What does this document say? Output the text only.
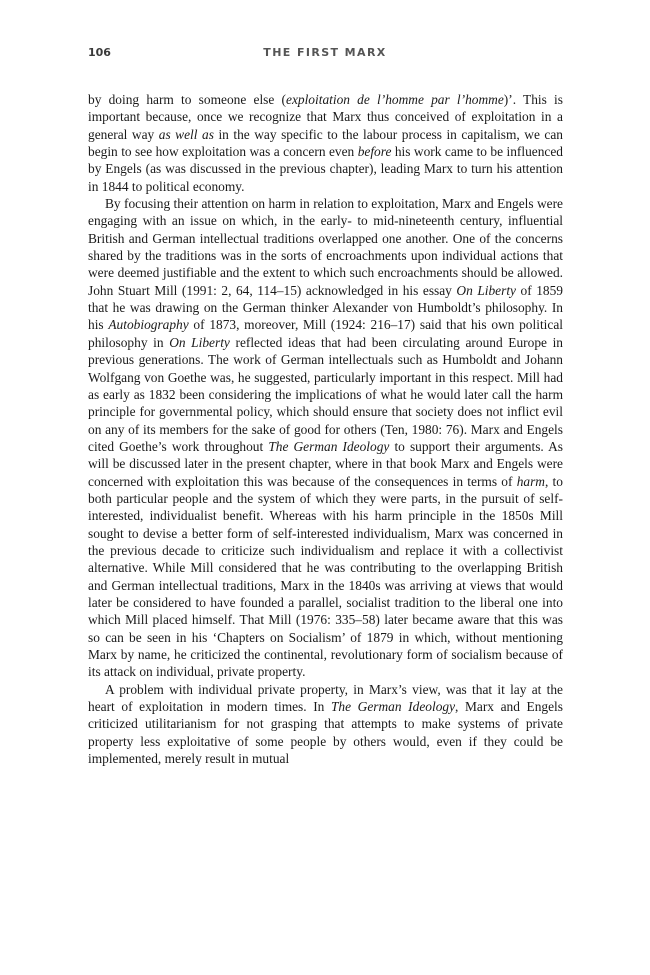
106	THE FIRST MARX

by doing harm to someone else (exploitation de l’homme par l’homme)’. This is important because, once we recognize that Marx thus conceived of exploitation in a general way as well as in the way specific to the labour process in capitalism, we can begin to see how exploitation was a concern even before his work came to be influenced by Engels (as was discussed in the previous chapter), leading Marx to turn his attention in 1844 to political economy.

By focusing their attention on harm in relation to exploitation, Marx and Engels were engaging with an issue on which, in the early- to mid-nineteenth century, influential British and German intellectual traditions overlapped one another. One of the concerns shared by the traditions was in the sorts of encroachments upon individual actions that were deemed justifiable and the extent to which such encroachments should be allowed. John Stuart Mill (1991: 2, 64, 114–15) acknowledged in his essay On Liberty of 1859 that he was drawing on the German thinker Alexander von Humboldt’s philosophy. In his Autobiography of 1873, moreover, Mill (1924: 216–17) said that his own political philosophy in On Liberty reflected ideas that had been circulating around Europe in previous generations. The work of German intellectuals such as Humboldt and Johann Wolfgang von Goethe was, he suggested, particularly important in this respect. Mill had as early as 1832 been considering the implications of what he would later call the harm principle for governmental policy, which should ensure that society does not inflict evil on any of its members for the sake of good for others (Ten, 1980: 76). Marx and Engels cited Goethe’s work throughout The German Ideology to support their arguments. As will be discussed later in the present chapter, where in that book Marx and Engels were concerned with exploitation this was because of the consequences in terms of harm, to both particular people and the system of which they were parts, in the pursuit of self-interested, individualist benefit. Whereas with his harm principle in the 1850s Mill sought to devise a better form of self-interested individualism, Marx was concerned in the previous decade to criticize such individualism and replace it with a collectivist alternative. While Mill considered that he was contributing to the overlapping British and German intellectual traditions, Marx in the 1840s was arriving at views that would later be considered to have founded a parallel, socialist tradition to the liberal one into which Mill placed himself. That Mill (1976: 335–58) later became aware that this was so can be seen in his ‘Chapters on Socialism’ of 1879 in which, without mentioning Marx by name, he criticized the continental, revolutionary form of socialism because of its attack on individual, private property.

A problem with individual private property, in Marx’s view, was that it lay at the heart of exploitation in modern times. In The German Ideology, Marx and Engels criticized utilitarianism for not grasping that attempts to make systems of private property less exploitative of some people by others would, even if they could be implemented, merely result in mutual
